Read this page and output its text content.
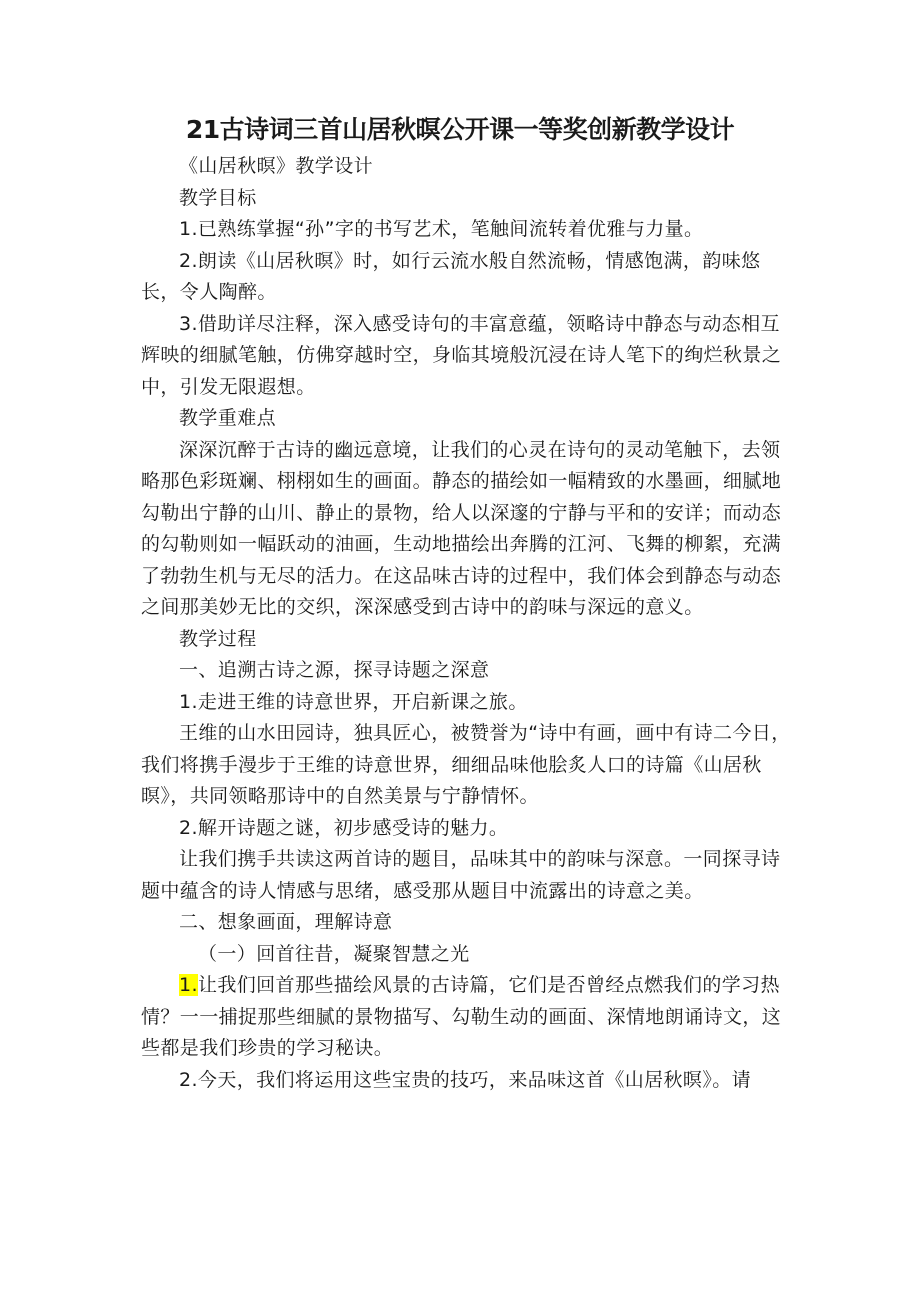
21古诗词三首山居秋暝公开课一等奖创新教学设计

《山居秋暝》教学设计

教学目标

1.已熟练掌握“孙”字的书写艺术，笔触间流转着优雅与力量。

2.朗读《山居秋暝》时，如行云流水般自然流畅，情感饱满，韵味悠长，令人陶醉。

3.借助详尽注释，深入感受诗句的丰富意蕴，领略诗中静态与动态相互辉映的细腻笔触，仿佛穿越时空，身临其境般沉浸在诗人笔下的绚烂秋景之中，引发无限遐想。

教学重难点

深深沉醉于古诗的幽远意境，让我们的心灵在诗句的灵动笔触下，去领略那色彩斑斓、栩栩如生的画面。静态的描绘如一幅精致的水墨画，细腻地勾勒出宁静的山川、静止的景物，给人以深邃的宁静与平和的安详；而动态的勾勒则如一幅跃动的油画，生动地描绘出奔腾的江河、飞舞的柳絮，充满了勃勃生机与无尽的活力。在这品味古诗的过程中，我们体会到静态与动态之间那美妙无比的交织，深深感受到古诗中的韵味与深远的意义。

教学过程

一、追溯古诗之源，探寻诗题之深意

1.走进王维的诗意世界，开启新课之旅。

王维的山水田园诗，独具匠心，被赞誉为“诗中有画，画中有诗二今日，我们将携手漫步于王维的诗意世界，细细品味他脍炙人口的诗篇《山居秋暝》，共同领略那诗中的自然美景与宁静情怀。

2.解开诗题之谜，初步感受诗的魅力。

让我们携手共读这两首诗的题目，品味其中的韵味与深意。一同探寻诗题中蕴含的诗人情感与思绪，感受那从题目中流露出的诗意之美。

二、想象画面，理解诗意

（一）回首往昔，凝聚智慧之光

1.让我们回首那些描绘风景的古诗篇，它们是否曾经点燃我们的学习热情？一一捕捉那些细腻的景物描写、勾勒生动的画面、深情地朗诵诗文，这些都是我们珍贵的学习秘诀。

2.今天，我们将运用这些宝贵的技巧，来品味这首《山居秋暝》。请
